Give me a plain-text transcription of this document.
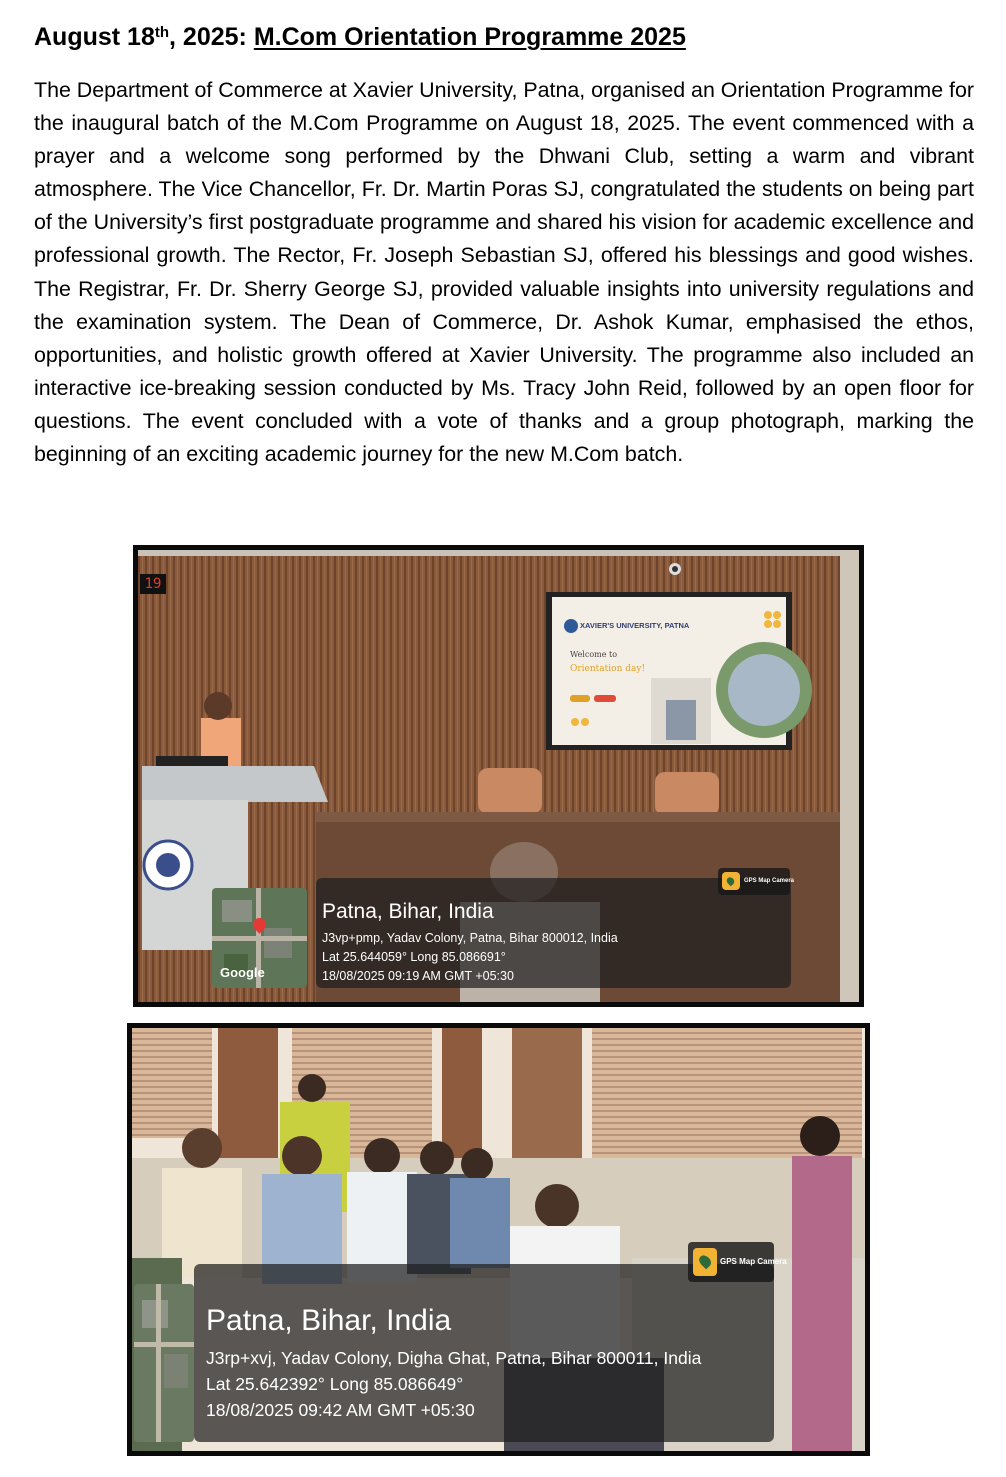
August 18th, 2025: M.Com Orientation Programme 2025
The Department of Commerce at Xavier University, Patna, organised an Orientation Programme for the inaugural batch of the M.Com Programme on August 18, 2025. The event commenced with a prayer and a welcome song performed by the Dhwani Club, setting a warm and vibrant atmosphere. The Vice Chancellor, Fr. Dr. Martin Poras SJ, congratulated the students on being part of the University’s first postgraduate programme and shared his vision for academic excellence and professional growth. The Rector, Fr. Joseph Sebastian SJ, offered his blessings and good wishes. The Registrar, Fr. Dr. Sherry George SJ, provided valuable insights into university regulations and the examination system. The Dean of Commerce, Dr. Ashok Kumar, emphasised the ethos, opportunities, and holistic growth offered at Xavier University. The programme also included an interactive ice-breaking session conducted by Ms. Tracy John Reid, followed by an open floor for questions. The event concluded with a vote of thanks and a group photograph, marking the beginning of an exciting academic journey for the new M.Com batch.
19
XAVIER'S UNIVERSITY, PATNA
Welcome to
Orientation day!
Google
Patna, Bihar, India
J3vp+pmp, Yadav Colony, Patna, Bihar 800012, India
Lat 25.644059° Long 85.086691°
18/08/2025 09:19 AM GMT +05:30
GPS Map Camera
Patna, Bihar, India
J3rp+xvj, Yadav Colony, Digha Ghat, Patna, Bihar 800011, India
Lat 25.642392° Long 85.086649°
18/08/2025 09:42 AM GMT +05:30
GPS Map Camera
